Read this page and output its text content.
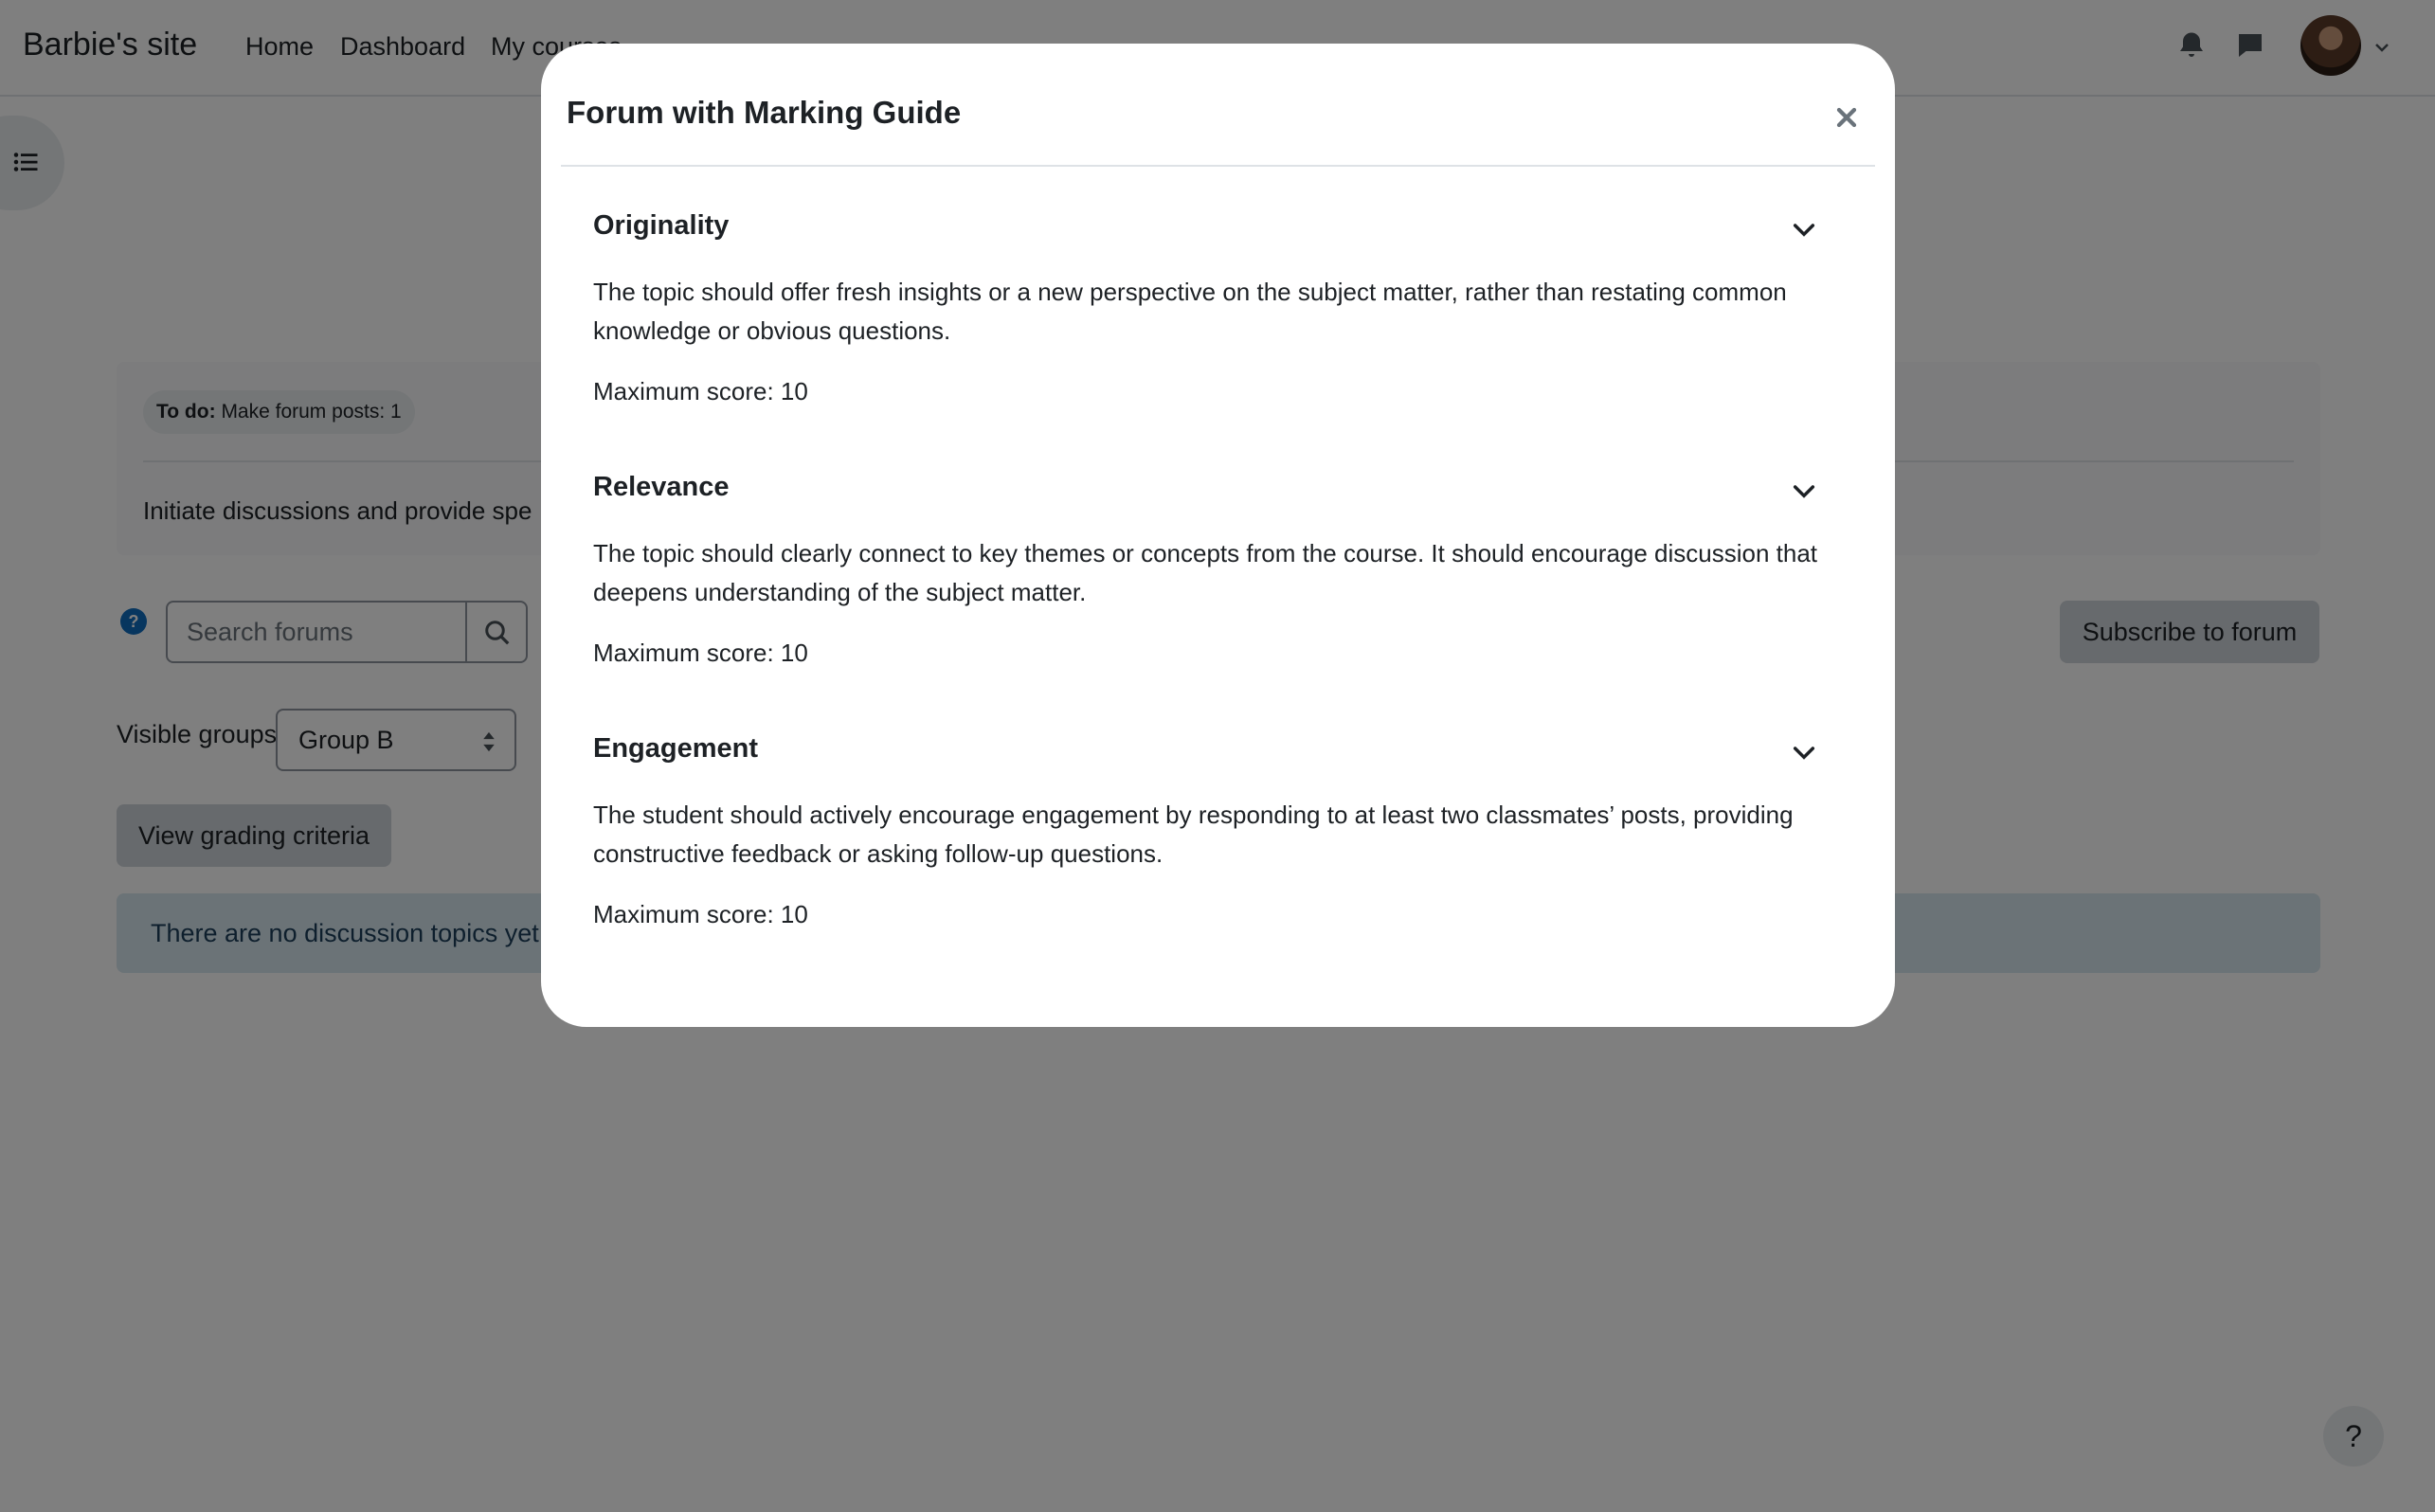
Search forums
Forum with Marking Guide
Originality
The topic should offer fresh insights or a new perspective on the subject matter, rather than restating common knowledge or obvious questions.
Maximum score: 10
Relevance
The topic should clearly connect to key themes or concepts from the course. It should encourage discussion that deepens understanding of the subject matter.
Maximum score: 10
Engagement
The student should actively encourage engagement by responding to at least two classmates’ posts, providing constructive feedback or asking follow-up questions.
Maximum score: 10
